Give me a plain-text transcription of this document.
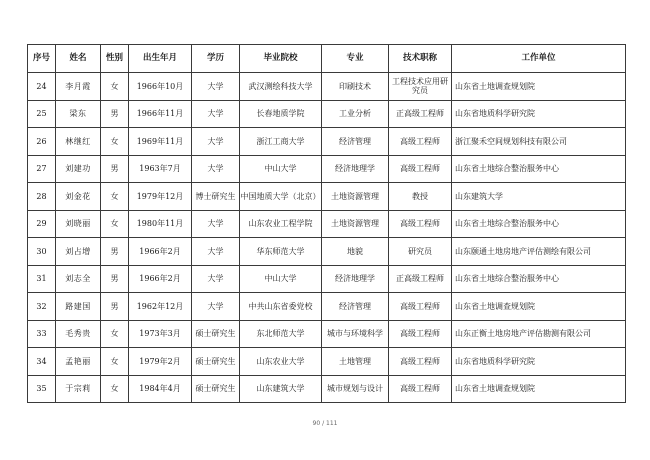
序号	姓名	性别	出生年月	学历	毕业院校	专业	技术职称	工作单位
24	李月霞	女	1966年10月	大学	武汉测绘科技大学	印刷技术	工程技术应用研究员	山东省土地调查规划院
25	梁东	男	1966年11月	大学	长春地质学院	工业分析	正高级工程师	山东省地质科学研究院
26	林继红	女	1969年11月	大学	浙江工商大学	经济管理	高级工程师	浙江聚禾空间规划科技有限公司
27	刘建功	男	1963年7月	大学	中山大学	经济地理学	高级工程师	山东省土地综合整治服务中心
28	刘金花	女	1979年12月	博士研究生	中国地质大学（北京）	土地资源管理	教授	山东建筑大学
29	刘晓丽	女	1980年11月	大学	山东农业工程学院	土地资源管理	高级工程师	山东省土地综合整治服务中心
30	刘占增	男	1966年2月	大学	华东师范大学	地貌	研究员	山东颐通土地房地产评估测绘有限公司
31	刘志全	男	1966年2月	大学	中山大学	经济地理学	正高级工程师	山东省土地综合整治服务中心
32	路建国	男	1962年12月	大学	中共山东省委党校	经济管理	高级工程师	山东省土地调查规划院
33	毛秀贵	女	1973年3月	硕士研究生	东北师范大学	城市与环境科学	高级工程师	山东正衡土地房地产评估勘测有限公司
34	孟艳丽	女	1979年2月	硕士研究生	山东农业大学	土地管理	高级工程师	山东省地质科学研究院
35	于宗莉	女	1984年4月	硕士研究生	山东建筑大学	城市规划与设计	高级工程师	山东省土地调查规划院
90 / 111
